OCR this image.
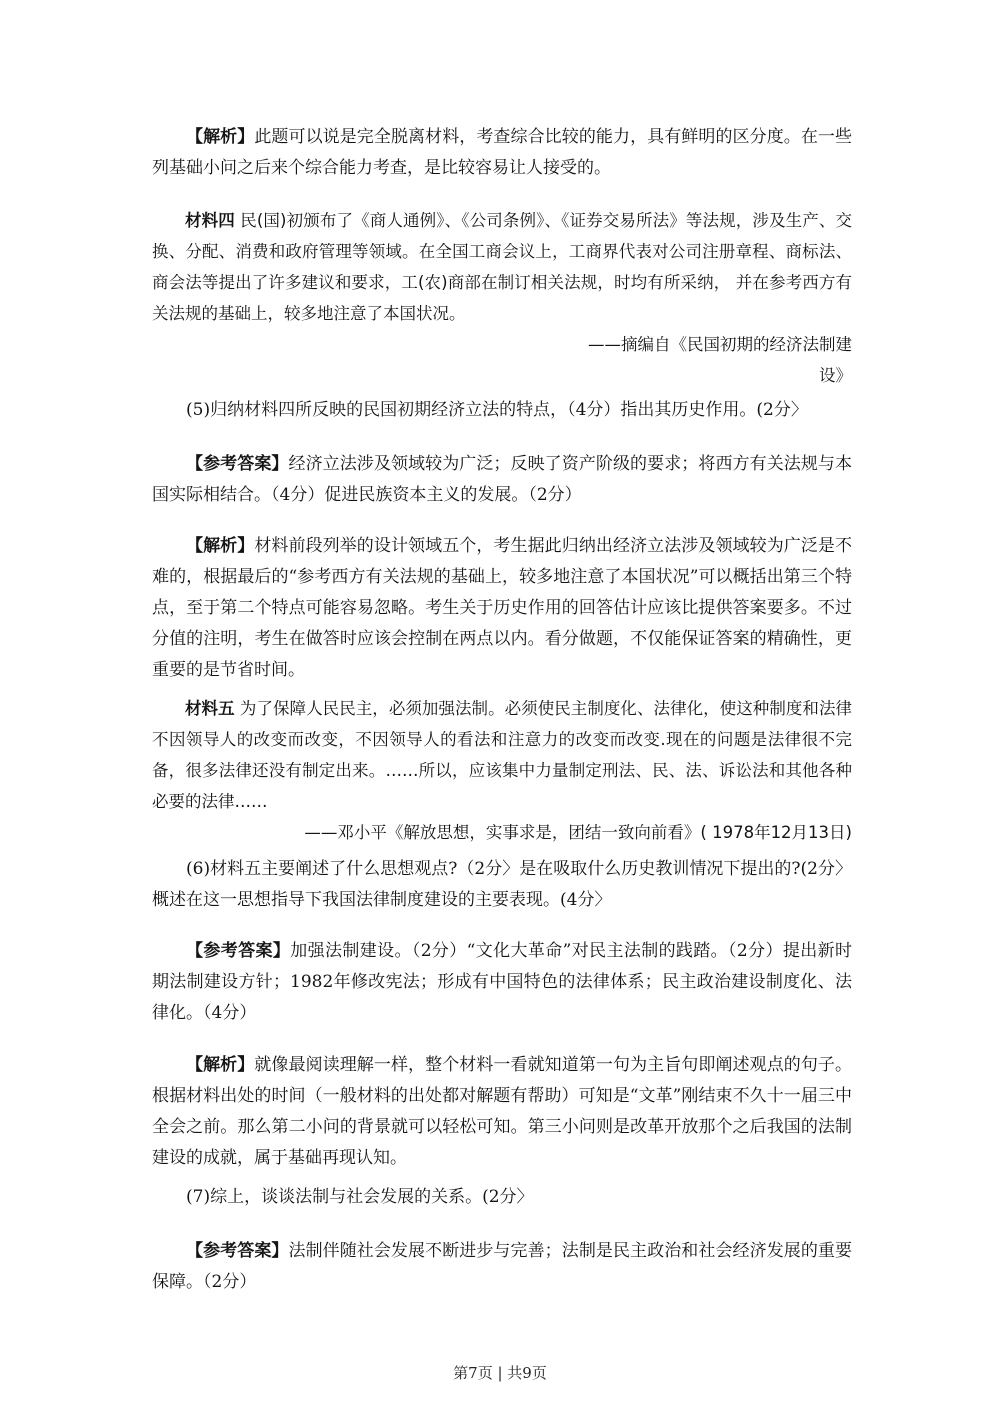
【解析】此题可以说是完全脱离材料，考查综合比较的能力，具有鲜明的区分度。在一些列基础小问之后来个综合能力考查，是比较容易让人接受的。

材料四 民(国)初颁布了《商人通例》、《公司条例》、《证券交易所法》等法规，涉及生产、交换、分配、消费和政府管理等领域。在全国工商会议上，工商界代表对公司注册章程、商标法、商会法等提出了许多建议和要求，工(农)商部在制订相关法规，时均有所采纳， 并在参考西方有关法规的基础上，较多地注意了本国状况。

——摘编自《民国初期的经济法制建

设》

(5)归纳材料四所反映的民国初期经济立法的特点，（4分）指出其历史作用。(2分〉

【参考答案】经济立法涉及领域较为广泛；反映了资产阶级的要求；将西方有关法规与本国实际相结合。（4分）促进民族资本主义的发展。（2分）

【解析】材料前段列举的设计领域五个，考生据此归纳出经济立法涉及领域较为广泛是不难的，根据最后的“参考西方有关法规的基础上，较多地注意了本国状况”可以概括出第三个特点，至于第二个特点可能容易忽略。考生关于历史作用的回答估计应该比提供答案要多。不过分值的注明，考生在做答时应该会控制在两点以内。看分做题，不仅能保证答案的精确性，更重要的是节省时间。

材料五 为了保障人民民主，必须加强法制。必须使民主制度化、法律化，使这种制度和法律不因领导人的改变而改变，不因领导人的看法和注意力的改变而改变.现在的问题是法律很不完备，很多法律还没有制定出来。……所以，应该集中力量制定刑法、民、法、诉讼法和其他各种必要的法律……

——邓小平《解放思想，实事求是，团结一致向前看》( 1978年12月13日)

(6)材料五主要阐述了什么思想观点?（2分〉是在吸取什么历史教训情况下提出的?(2分〉概述在这一思想指导下我国法律制度建设的主要表现。(4分〉

【参考答案】加强法制建设。（2分）“文化大革命”对民主法制的践踏。（2分）提出新时期法制建设方针；1982年修改宪法；形成有中国特色的法律体系；民主政治建设制度化、法律化。（4分）

【解析】就像最阅读理解一样，整个材料一看就知道第一句为主旨句即阐述观点的句子。根据材料出处的时间（一般材料的出处都对解题有帮助）可知是“文革”刚结束不久十一届三中全会之前。那么第二小问的背景就可以轻松可知。第三小问则是改革开放那个之后我国的法制建设的成就，属于基础再现认知。

(7)综上，谈谈法制与社会发展的关系。(2分〉

【参考答案】法制伴随社会发展不断进步与完善；法制是民主政治和社会经济发展的重要保障。（2分）

第7页 | 共9页
